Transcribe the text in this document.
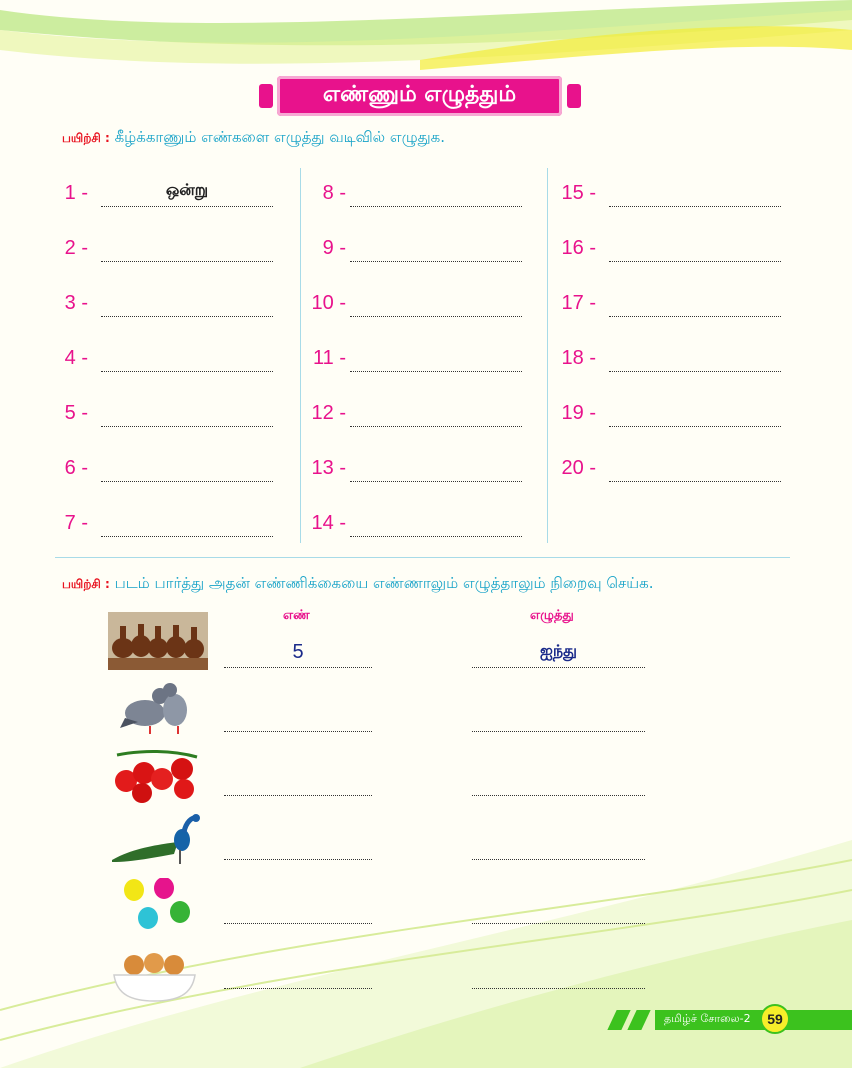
எண்ணும் எழுத்தும்
பயிற்சி : கீழ்க்காணும் எண்களை எழுத்து வடிவில் எழுதுக.
1 -	ஒன்று
2 -
3 -
4 -
5 -
6 -
7 -
8 -
9 -
10 -
11 -
12 -
13 -
14 -
15 -
16 -
17 -
18 -
19 -
20 -
பயிற்சி : படம் பார்த்து அதன் எண்ணிக்கையை எண்ணாலும் எழுத்தாலும் நிறைவு செய்க.
எண்	எழுத்து
5	ஐந்து
தமிழ்ச் சோலை-2	59
